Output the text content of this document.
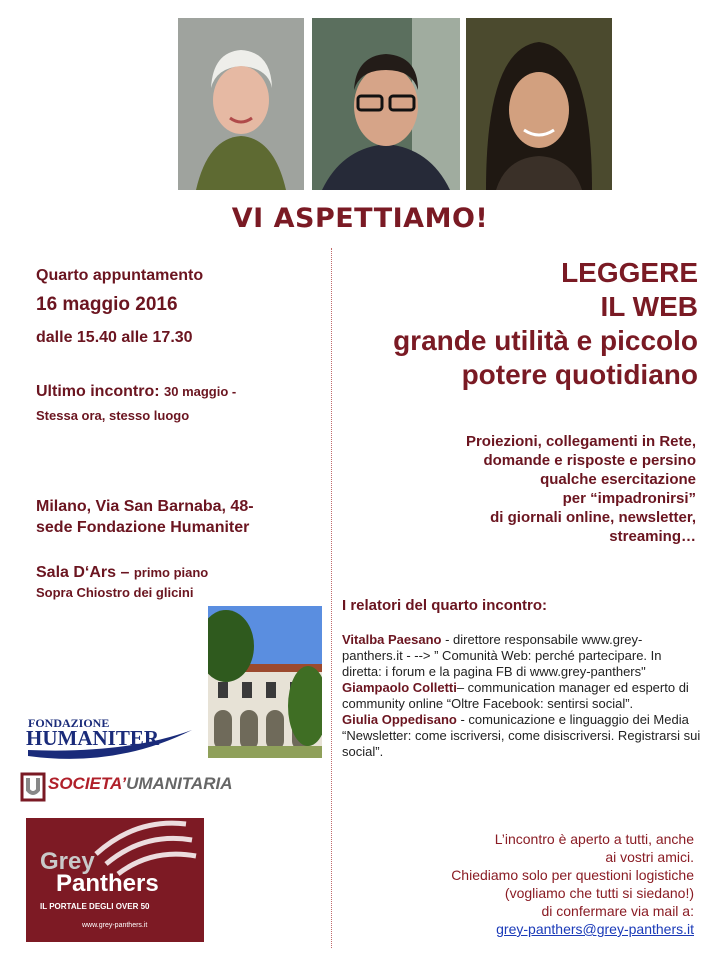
VI ASPETTIAMO!
Quarto appuntamento
16 maggio 2016
dalle 15.40 alle 17.30
Ultimo incontro: 30 maggio -
Stessa ora, stesso luogo
Milano, Via San Barnaba, 48-
sede Fondazione Humaniter
Sala D‘Ars – primo piano
Sopra Chiostro dei glicini
FONDAZIONE
HUMANITER
SOCIETA’UMANITARIA
Grey
Panthers
IL PORTALE DEGLI OVER 50
www.grey-panthers.it
LEGGERE
IL WEB
grande utilità e piccolo
potere quotidiano
Proiezioni, collegamenti in Rete,
domande e risposte e persino
qualche esercitazione
per “impadronirsi”
di giornali online, newsletter,
streaming…
I relatori del quarto incontro:
Vitalba Paesano - direttore responsabile www.grey-panthers.it - --> ” Comunità Web: perché partecipare. In diretta: i forum e la pagina FB di www.grey-panthers"
Giampaolo Colletti– communication manager ed esperto di community online “Oltre Facebook: sentirsi social”.
Giulia Oppedisano - comunicazione e linguaggio dei Media “Newsletter: come iscriversi, come disiscriversi. Registrarsi sui social”.
L’incontro è aperto a tutti, anche
ai vostri amici.
Chiediamo solo per questioni logistiche
(vogliamo che tutti si siedano!)
di confermare via mail a:
grey-panthers@grey-panthers.it
